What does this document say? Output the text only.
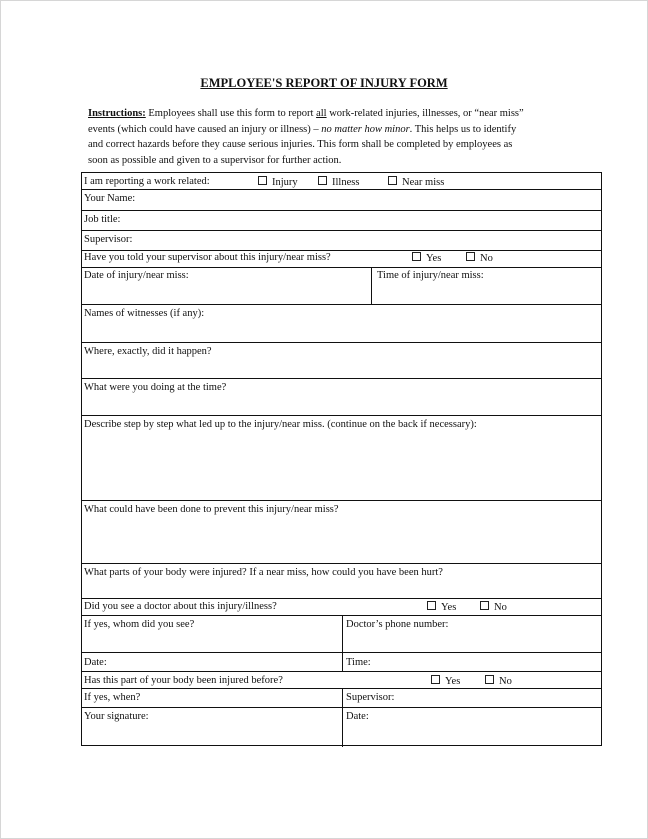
EMPLOYEE'S REPORT OF INJURY FORM

Instructions: Employees shall use this form to report all work-related injuries, illnesses, or “near miss” events (which could have caused an injury or illness) – no matter how minor. This helps us to identify and correct hazards before they cause serious injuries. This form shall be completed by employees as soon as possible and given to a supervisor for further action.

I am reporting a work related:	Injury	Illness	Near miss
Your Name:
Job title:
Supervisor:
Have you told your supervisor about this injury/near miss?	Yes	No
Date of injury/near miss:	Time of injury/near miss:
Names of witnesses (if any):
Where, exactly, did it happen?
What were you doing at the time?
Describe step by step what led up to the injury/near miss. (continue on the back if necessary):
What could have been done to prevent this injury/near miss?
What parts of your body were injured? If a near miss, how could you have been hurt?
Did you see a doctor about this injury/illness?	Yes	No
If yes, whom did you see?	Doctor’s phone number:
Date:	Time:
Has this part of your body been injured before?	Yes	No
If yes, when?	Supervisor:
Your signature:	Date:
